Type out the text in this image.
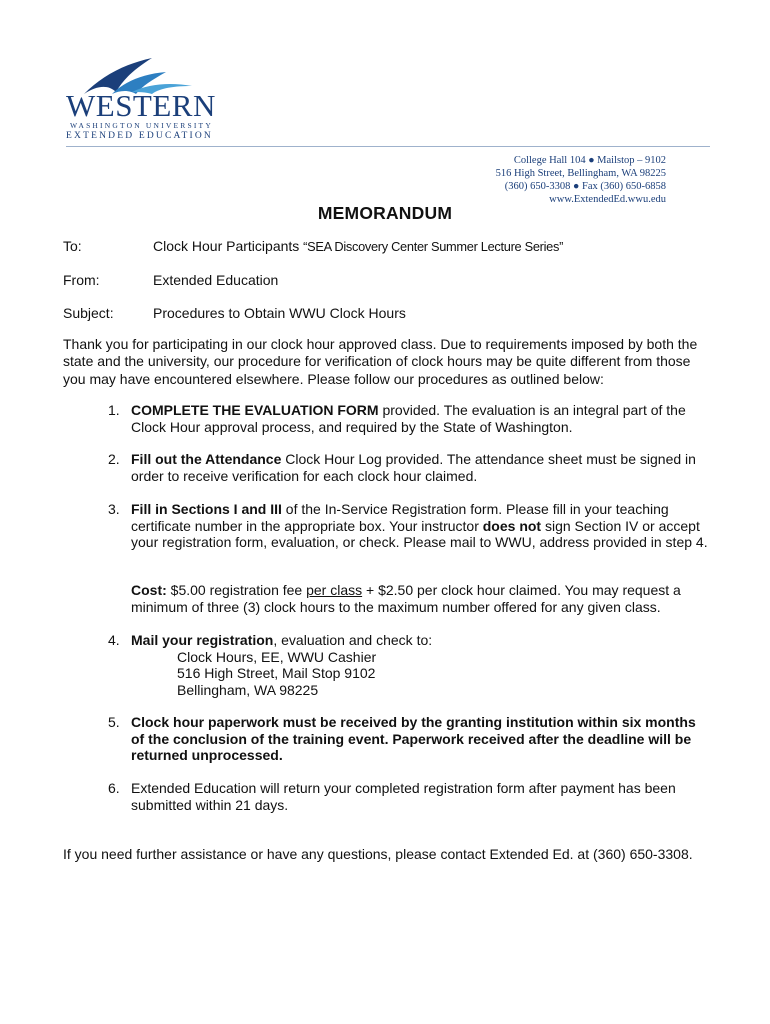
WESTERN
WASHINGTON UNIVERSITY
EXTENDED EDUCATION
College Hall 104 ● Mailstop – 9102
516 High Street, Bellingham, WA 98225
(360) 650-3308 ● Fax (360) 650-6858
www.ExtendedEd.wwu.edu
MEMORANDUM
To:	Clock Hour Participants “SEA Discovery Center Summer Lecture Series”
From:	Extended Education
Subject:	Procedures to Obtain WWU Clock Hours
Thank you for participating in our clock hour approved class. Due to requirements imposed by both the state and the university, our procedure for verification of clock hours may be quite different from those you may have encountered elsewhere. Please follow our procedures as outlined below:
1. COMPLETE THE EVALUATION FORM provided. The evaluation is an integral part of the Clock Hour approval process, and required by the State of Washington.
2. Fill out the Attendance Clock Hour Log provided. The attendance sheet must be signed in order to receive verification for each clock hour claimed.
3. Fill in Sections I and III of the In-Service Registration form. Please fill in your teaching certificate number in the appropriate box. Your instructor does not sign Section IV or accept your registration form, evaluation, or check. Please mail to WWU, address provided in step 4.
Cost: $5.00 registration fee per class + $2.50 per clock hour claimed. You may request a minimum of three (3) clock hours to the maximum number offered for any given class.
4. Mail your registration, evaluation and check to:
Clock Hours, EE, WWU Cashier
516 High Street, Mail Stop 9102
Bellingham, WA 98225
5. Clock hour paperwork must be received by the granting institution within six months of the conclusion of the training event. Paperwork received after the deadline will be returned unprocessed.
6. Extended Education will return your completed registration form after payment has been submitted within 21 days.
If you need further assistance or have any questions, please contact Extended Ed. at (360) 650-3308.
